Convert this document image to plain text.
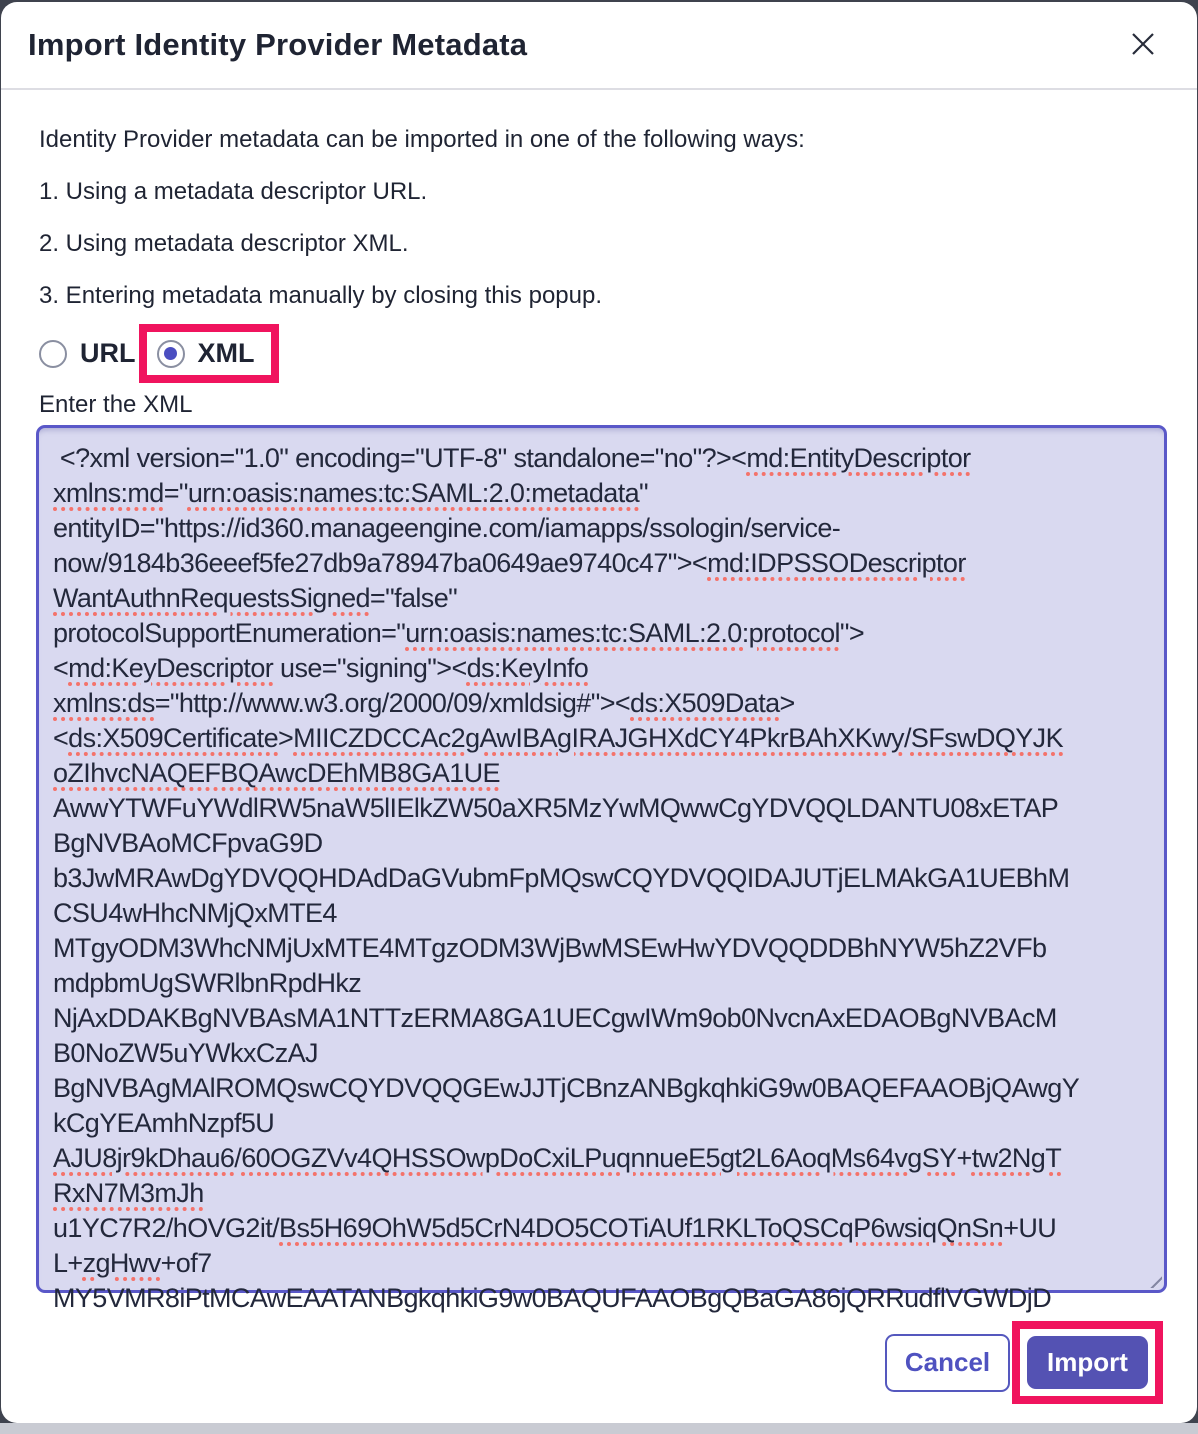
Import Identity Provider Metadata

Identity Provider metadata can be imported in one of the following ways:

1. Using a metadata descriptor URL.

2. Using metadata descriptor XML.

3. Entering metadata manually by closing this popup.

URL XML
Enter the XML
<?xml version="1.0" encoding="UTF-8" standalone="no"?><md:EntityDescriptor
xmlns:md="urn:oasis:names:tc:SAML:2.0:metadata"
entityID="https://id360.manageengine.com/iamapps/ssologin/service-
now/9184b36eeef5fe27db9a78947ba0649ae9740c47"><md:IDPSSODescriptor
WantAuthnRequestsSigned="false"
protocolSupportEnumeration="urn:oasis:names:tc:SAML:2.0:protocol">
<md:KeyDescriptor use="signing"><ds:KeyInfo
xmlns:ds="http://www.w3.org/2000/09/xmldsig#"><ds:X509Data>
<ds:X509Certificate>MIICZDCCAc2gAwIBAgIRAJGHXdCY4PkrBAhXKwy/SFswDQYJK
oZIhvcNAQEFBQAwcDEhMB8GA1UE
AwwYTWFuYWdlRW5naW5lIElkZW50aXR5MzYwMQwwCgYDVQQLDANTU08xETAP
BgNVBAoMCFpvaG9D
b3JwMRAwDgYDVQQHDAdDaGVubmFpMQswCQYDVQQIDAJUTjELMAkGA1UEBhM
CSU4wHhcNMjQxMTE4
MTgyODM3WhcNMjUxMTE4MTgzODM3WjBwMSEwHwYDVQQDDBhNYW5hZ2VFb
mdpbmUgSWRlbnRpdHkz
NjAxDDAKBgNVBAsMA1NTTzERMA8GA1UECgwIWm9ob0NvcnAxEDAOBgNVBAcM
B0NoZW5uYWkxCzAJ
BgNVBAgMAlROMQswCQYDVQQGEwJJTjCBnzANBgkqhkiG9w0BAQEFAAOBjQAwgY
kCgYEAmhNzpf5U
AJU8jr9kDhau6/60OGZVv4QHSSOwpDoCxiLPuqnnueE5gt2L6AoqMs64vgSY+tw2NgT
RxN7M3mJh
u1YC7R2/hOVG2it/Bs5H69OhW5d5CrN4DO5COTiAUf1RKLToQSCqP6wsiqQnSn+UU
L+zgHwv+of7
MY5VMR8iPtMCAwEAATANBgkqhkiG9w0BAQUFAAOBgQBaGA86jQRRudflVGWDjD
Cancel	Import
